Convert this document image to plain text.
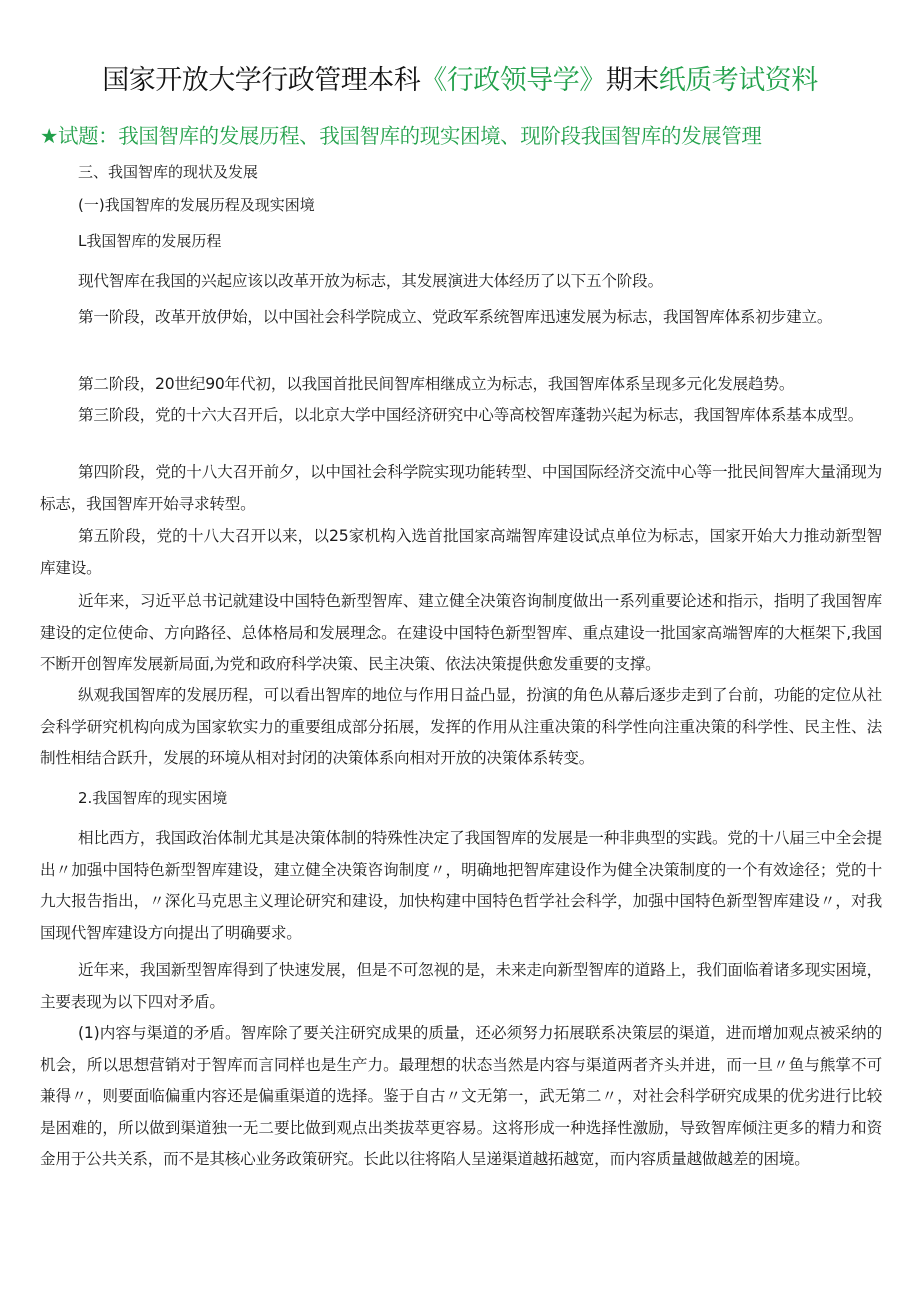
国家开放大学行政管理本科《行政领导学》期末纸质考试资料
★试题：我国智库的发展历程、我国智库的现实困境、现阶段我国智库的发展管理
三、我国智库的现状及发展
(一)我国智库的发展历程及现实困境
L我国智库的发展历程

现代智库在我国的兴起应该以改革开放为标志，其发展演进大体经历了以下五个阶段。

第一阶段，改革开放伊始，以中国社会科学院成立、党政军系统智库迅速发展为标志，我国智库体系初步建立。

第二阶段，20世纪90年代初，以我国首批民间智库相继成立为标志，我国智库体系呈现多元化发展趋势。

第三阶段，党的十六大召开后，以北京大学中国经济研究中心等高校智库蓬勃兴起为标志，我国智库体系基本成型。

第四阶段，党的十八大召开前夕，以中国社会科学院实现功能转型、中国国际经济交流中心等一批民间智库大量涌现为标志，我国智库开始寻求转型。

第五阶段，党的十八大召开以来，以25家机构入选首批国家高端智库建设试点单位为标志，国家开始大力推动新型智库建设。

近年来，习近平总书记就建设中国特色新型智库、建立健全决策咨询制度做出一系列重要论述和指示，指明了我国智库建设的定位使命、方向路径、总体格局和发展理念。在建设中国特色新型智库、重点建设一批国家高端智库的大框架下,我国不断开创智库发展新局面,为党和政府科学决策、民主决策、依法决策提供愈发重要的支撑。

纵观我国智库的发展历程，可以看出智库的地位与作用日益凸显，扮演的角色从幕后逐步走到了台前，功能的定位从社会科学研究机构向成为国家软实力的重要组成部分拓展，发挥的作用从注重决策的科学性向注重决策的科学性、民主性、法制性相结合跃升，发展的环境从相对封闭的决策体系向相对开放的决策体系转变。

2.我国智库的现实困境

相比西方，我国政治体制尤其是决策体制的特殊性决定了我国智库的发展是一种非典型的实践。党的十八届三中全会提出〃加强中国特色新型智库建设，建立健全决策咨询制度〃，明确地把智库建设作为健全决策制度的一个有效途径；党的十九大报告指出，〃深化马克思主义理论研究和建设，加快构建中国特色哲学社会科学，加强中国特色新型智库建设〃，对我国现代智库建设方向提出了明确要求。

近年来，我国新型智库得到了快速发展，但是不可忽视的是，未来走向新型智库的道路上，我们面临着诸多现实困境，主要表现为以下四对矛盾。

(1)内容与渠道的矛盾。智库除了要关注研究成果的质量，还必须努力拓展联系决策层的渠道，进而增加观点被采纳的机会，所以思想营销对于智库而言同样也是生产力。最理想的状态当然是内容与渠道两者齐头并进，而一旦〃鱼与熊掌不可兼得〃，则要面临偏重内容还是偏重渠道的选择。鉴于自古〃文无第一，武无第二〃，对社会科学研究成果的优劣进行比较是困难的，所以做到渠道独一无二要比做到观点出类拔萃更容易。这将形成一种选择性激励，导致智库倾注更多的精力和资金用于公共关系，而不是其核心业务政策研究。长此以往将陷人呈递渠道越拓越宽，而内容质量越做越差的困境。
